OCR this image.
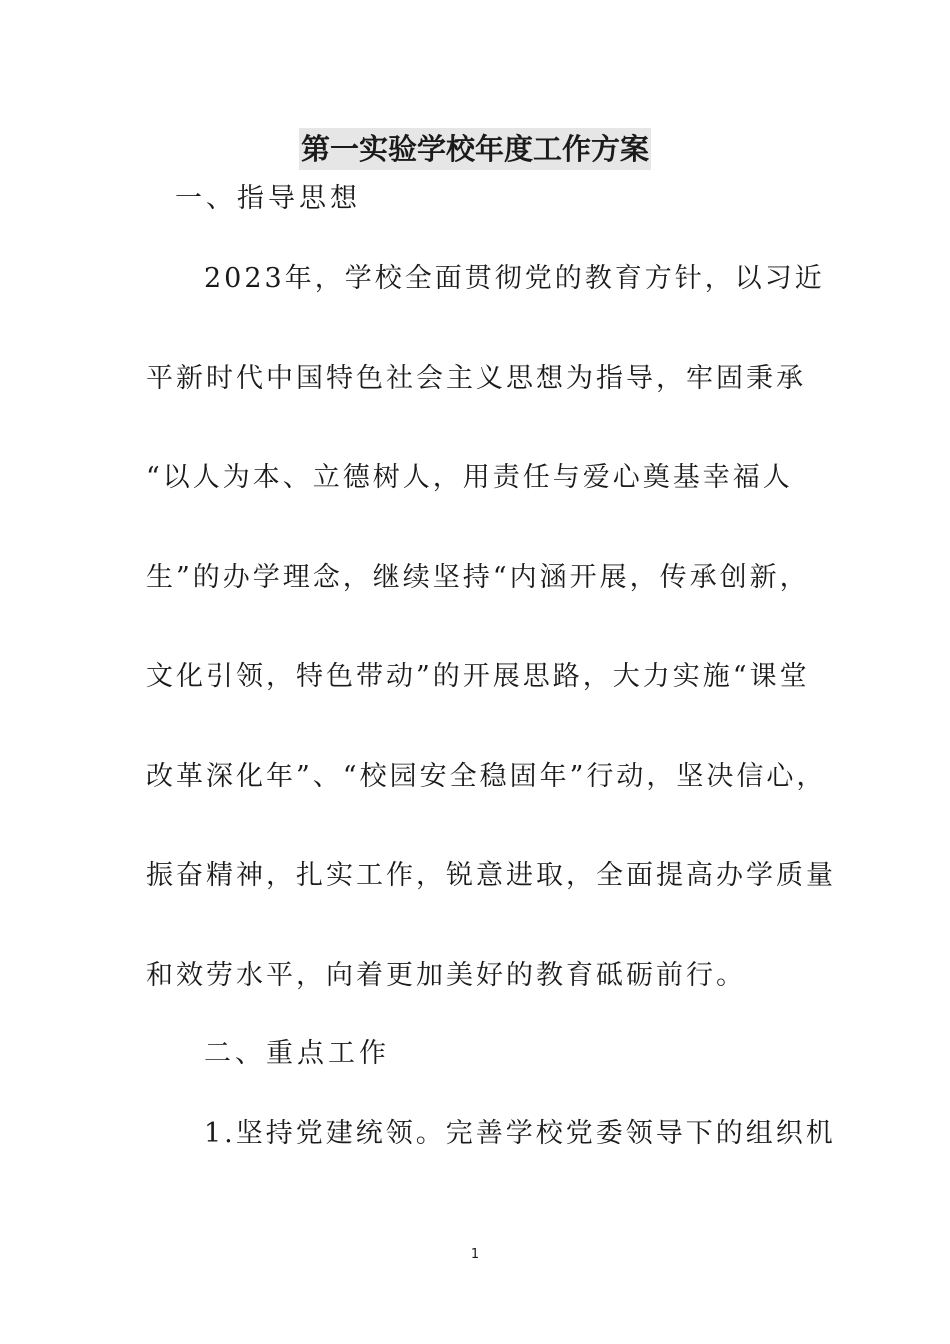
第一实验学校年度工作方案
一、指导思想
2023年，学校全面贯彻党的教育方针，以习近
平新时代中国特色社会主义思想为指导，牢固秉承
“以人为本、立德树人，用责任与爱心奠基幸福人
生”的办学理念，继续坚持“内涵开展，传承创新，
文化引领，特色带动”的开展思路，大力实施“课堂
改革深化年”、“校园安全稳固年”行动，坚决信心，
振奋精神，扎实工作，锐意进取，全面提高办学质量
和效劳水平，向着更加美好的教育砥砺前行。
二、重点工作
1.坚持党建统领。完善学校党委领导下的组织机
1
